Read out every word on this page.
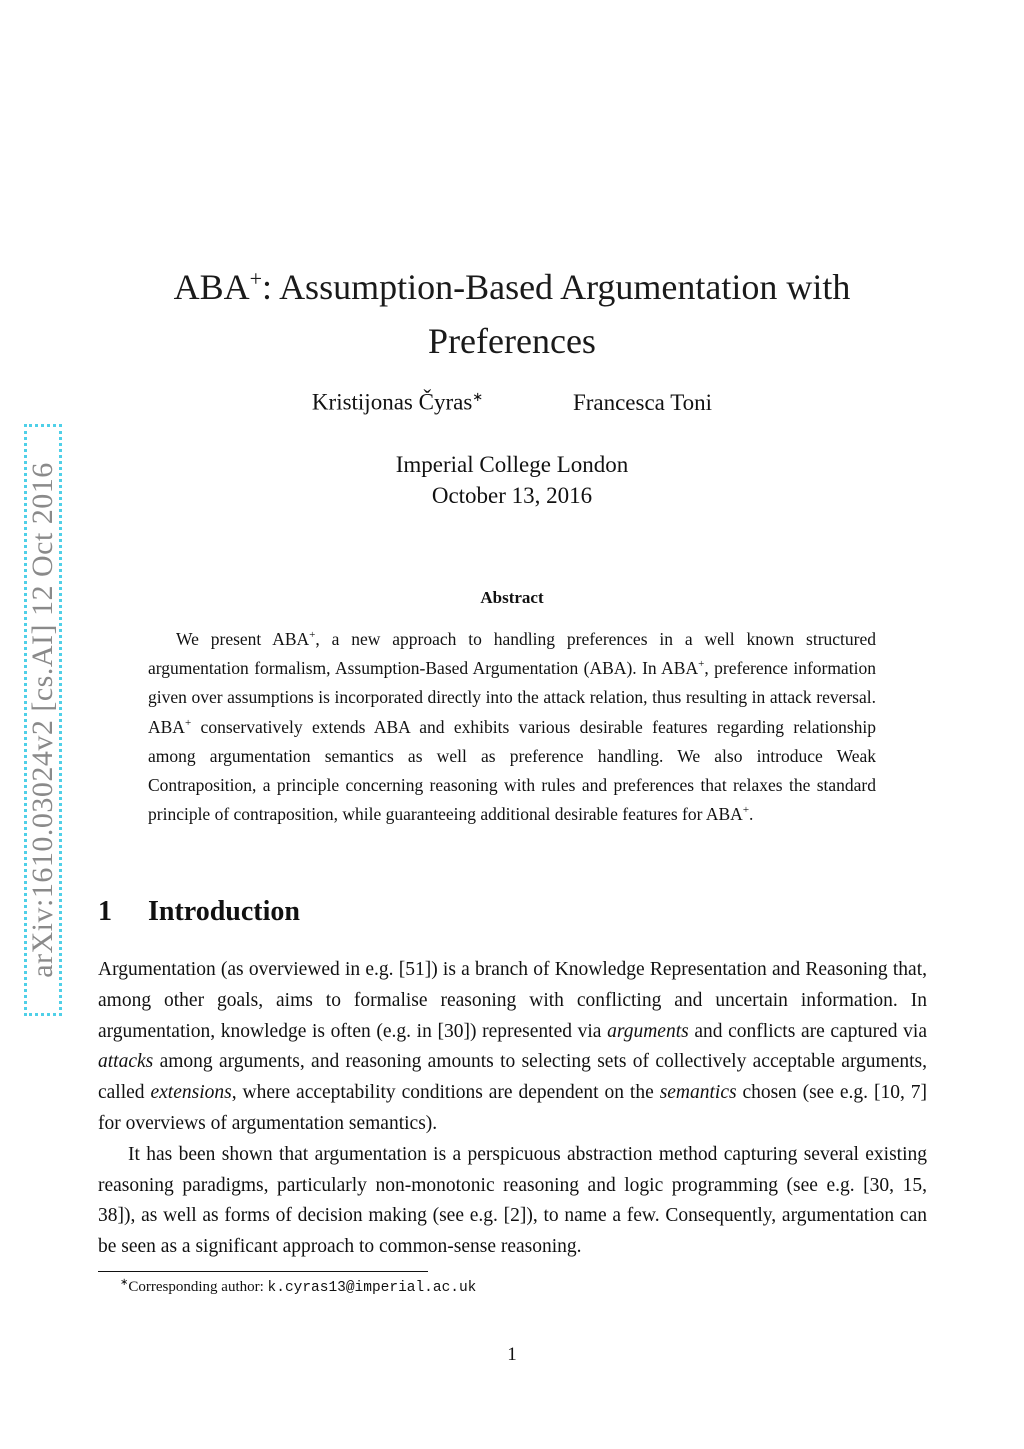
arXiv:1610.03024v2 [cs.AI] 12 Oct 2016
ABA+: Assumption-Based Argumentation with
Preferences
Kristijonas Čyras∗	Francesca Toni
Imperial College London
October 13, 2016
Abstract
We present ABA+, a new approach to handling preferences in a well known structured argumentation formalism, Assumption-Based Argumentation (ABA). In ABA+, preference information given over assumptions is incorporated directly into the attack relation, thus resulting in attack reversal. ABA+ conservatively extends ABA and exhibits various desirable features regarding relationship among argumentation semantics as well as preference handling. We also introduce Weak Contraposition, a principle concerning reasoning with rules and preferences that relaxes the standard principle of contraposition, while guaranteeing additional desirable features for ABA+.
1 Introduction

Argumentation (as overviewed in e.g. [51]) is a branch of Knowledge Representation and Reasoning that, among other goals, aims to formalise reasoning with conflicting and uncertain information. In argumentation, knowledge is often (e.g. in [30]) represented via arguments and conflicts are captured via attacks among arguments, and reasoning amounts to selecting sets of collectively acceptable arguments, called extensions, where acceptability conditions are dependent on the semantics chosen (see e.g. [10, 7] for overviews of argumentation semantics).

It has been shown that argumentation is a perspicuous abstraction method capturing several existing reasoning paradigms, particularly non-monotonic reasoning and logic programming (see e.g. [30, 15, 38]), as well as forms of decision making (see e.g. [2]), to name a few. Consequently, argumentation can be seen as a significant approach to common-sense reasoning.

∗Corresponding author: k.cyras13@imperial.ac.uk
1
